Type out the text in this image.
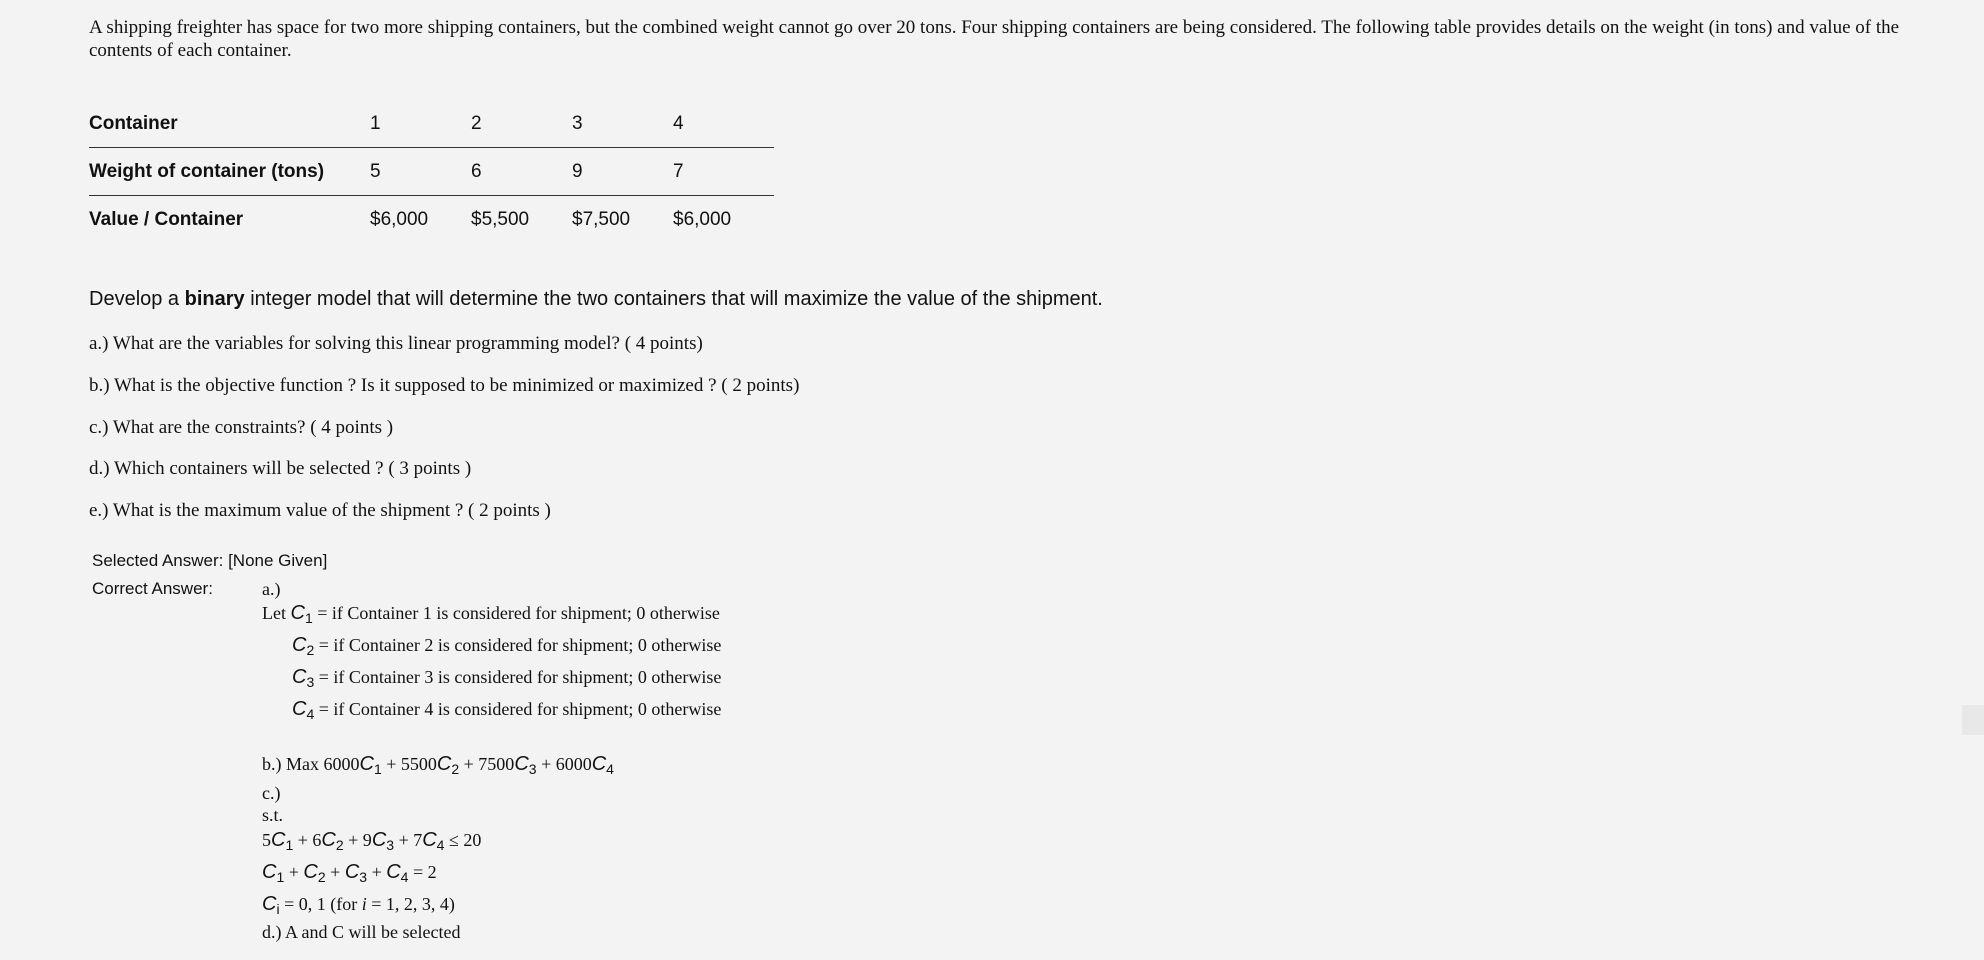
A shipping freighter has space for two more shipping containers, but the combined weight cannot go over 20 tons. Four shipping containers are being considered. The following table provides details on the weight (in tons) and value of the contents of each container.
Container	1	2	3	4
Weight of container (tons)	5	6	9	7
Value / Container	$6,000	$5,500	$7,500	$6,000
Develop a binary integer model that will determine the two containers that will maximize the value of the shipment.
a.) What are the variables for solving this linear programming model? ( 4 points)
b.) What is the objective function ? Is it supposed to be minimized or maximized ? ( 2 points)
c.) What are the constraints? ( 4 points )
d.) Which containers will be selected ? ( 3 points )
e.) What is the maximum value of the shipment ? ( 2 points )
Selected Answer: [None Given]
Correct Answer:	a.)
Let $C_1$ = if Container 1 is considered for shipment; 0 otherwise
$C_2$ = if Container 2 is considered for shipment; 0 otherwise
$C_3$ = if Container 3 is considered for shipment; 0 otherwise
$C_4$ = if Container 4 is considered for shipment; 0 otherwise
b.) Max $6000C_1 + 5500C_2 + 7500C_3 + 6000C_4$
c.)
s.t.
$5C_1 + 6C_2 + 9C_3 + 7C_4 \le 20$
$C_1 + C_2 + C_3 + C_4 = 2$
$C_i = 0$, 1 (for i = 1, 2, 3, 4)
d.) A and C will be selected
